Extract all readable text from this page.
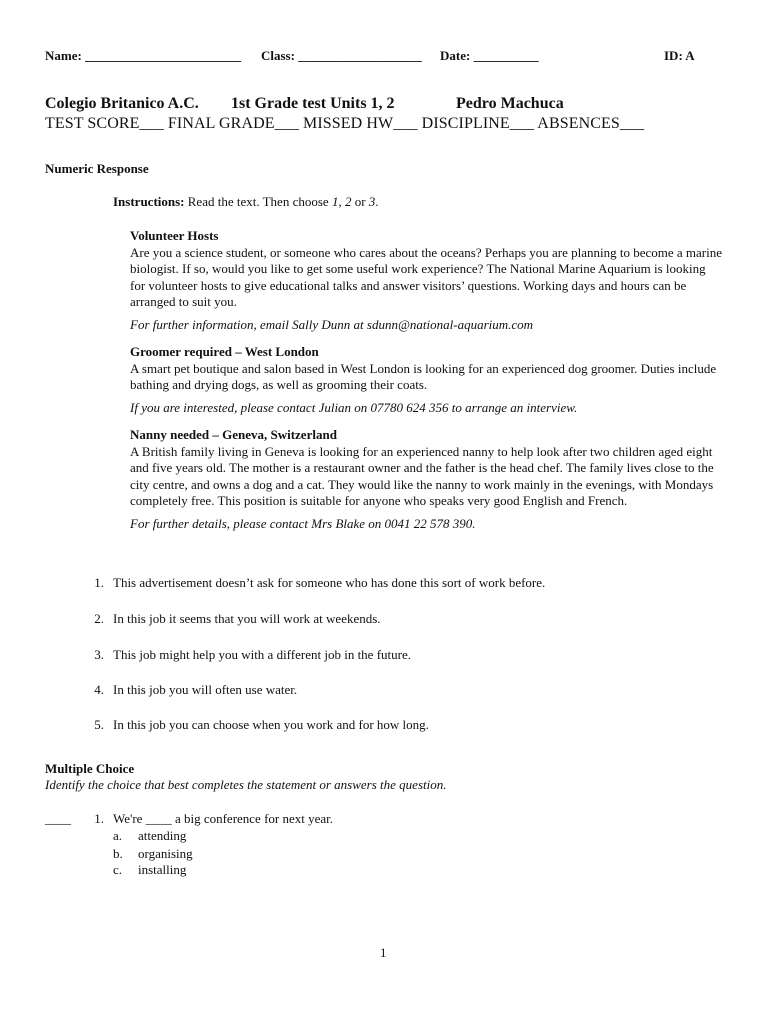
Name: ________________________ Class: ___________________ Date: __________	ID: A
Colegio Britanico A.C. 1st Grade test Units 1, 2	Pedro Machuca
TEST SCORE___ FINAL GRADE___ MISSED HW___ DISCIPLINE___ ABSENCES___
Numeric Response
Instructions: Read the text. Then choose 1, 2 or 3.
Volunteer Hosts
Are you a science student, or someone who cares about the oceans? Perhaps you are planning to become a marine biologist. If so, would you like to get some useful work experience? The National Marine Aquarium is looking for volunteer hosts to give educational talks and answer visitors’ questions. Working days and hours can be arranged to suit you.
For further information, email Sally Dunn at sdunn@national-aquarium.com
Groomer required – West London
A smart pet boutique and salon based in West London is looking for an experienced dog groomer. Duties include bathing and drying dogs, as well as grooming their coats.
If you are interested, please contact Julian on 07780 624 356 to arrange an interview.
Nanny needed – Geneva, Switzerland
A British family living in Geneva is looking for an experienced nanny to help look after two children aged eight and five years old. The mother is a restaurant owner and the father is the head chef. The family lives close to the city centre, and owns a dog and a cat. They would like the nanny to work mainly in the evenings, with Mondays completely free. This position is suitable for anyone who speaks very good English and French.
For further details, please contact Mrs Blake on 0041 22 578 390.
1. This advertisement doesn’t ask for someone who has done this sort of work before.
2. In this job it seems that you will work at weekends.
3. This job might help you with a different job in the future.
4. In this job you will often use water.
5. In this job you can choose when you work and for how long.
Multiple Choice
Identify the choice that best completes the statement or answers the question.
____	1. We're ____ a big conference for next year.
a. attending
b. organising
c. installing
1
